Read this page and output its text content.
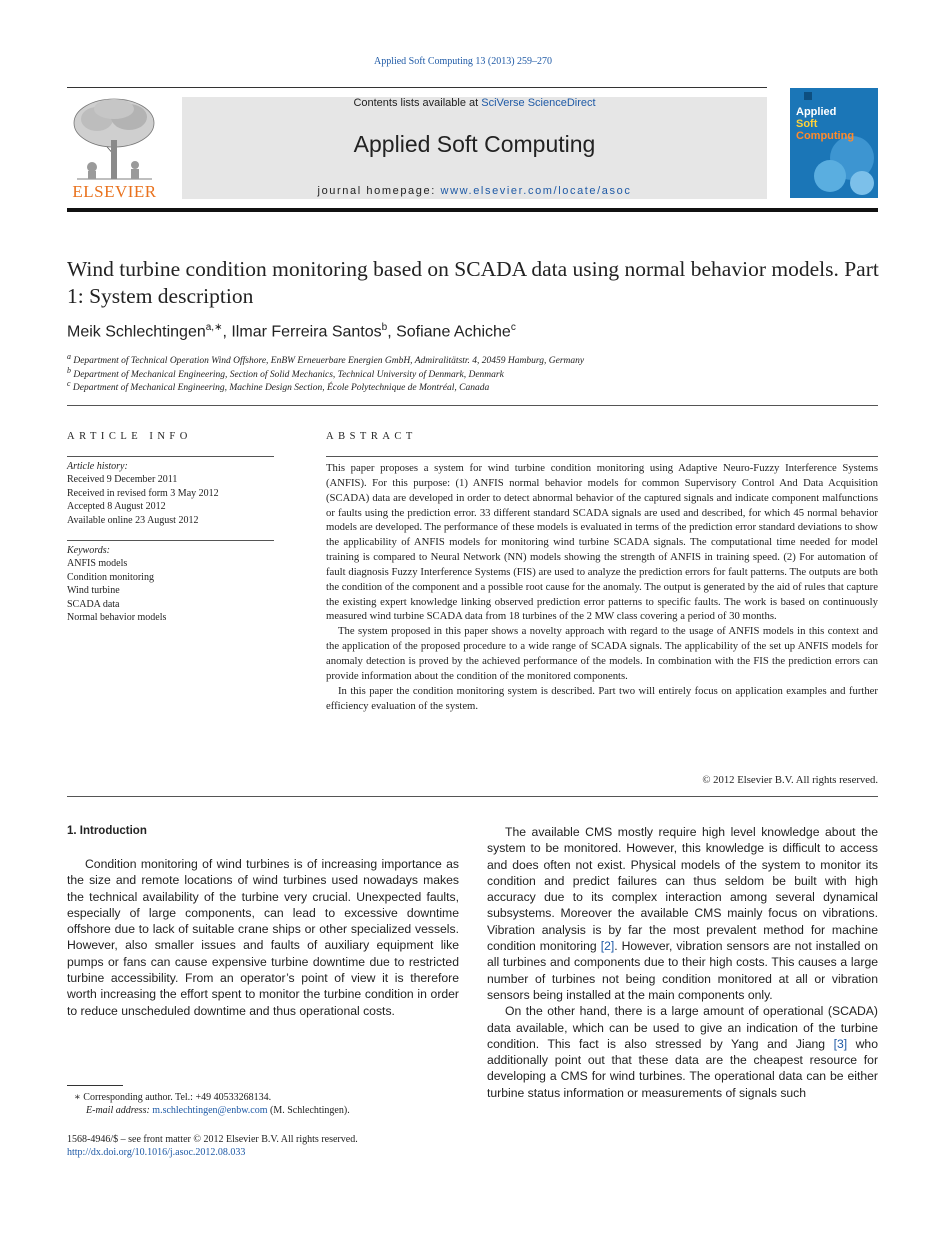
Applied Soft Computing 13 (2013) 259–270
ELSEVIER
Contents lists available at SciVerse ScienceDirect
Applied Soft Computing
journal homepage: www.elsevier.com/locate/asoc
Applied
Soft
Computing
Wind turbine condition monitoring based on SCADA data using normal behavior models. Part 1: System description
Meik Schlechtingen$^{a,∗}$, Ilmar Ferreira Santos$^b$, Sofiane Achiche$^c$
$^a$ Department of Technical Operation Wind Offshore, EnBW Erneuerbare Energien GmbH, Admiralitätstr. 4, 20459 Hamburg, Germany
$^b$ Department of Mechanical Engineering, Section of Solid Mechanics, Technical University of Denmark, Denmark
$^c$ Department of Mechanical Engineering, Machine Design Section, École Polytechnique de Montréal, Canada
ARTICLE INFO
Article history:
Received 9 December 2011
Received in revised form 3 May 2012
Accepted 8 August 2012
Available online 23 August 2012
Keywords:
ANFIS models
Condition monitoring
Wind turbine
SCADA data
Normal behavior models
ABSTRACT

This paper proposes a system for wind turbine condition monitoring using Adaptive Neuro-Fuzzy Interference Systems (ANFIS). For this purpose: (1) ANFIS normal behavior models for common Supervisory Control And Data Acquisition (SCADA) data are developed in order to detect abnormal behavior of the captured signals and indicate component malfunctions or faults using the prediction error. 33 different standard SCADA signals are used and described, for which 45 normal behavior models are developed. The performance of these models is evaluated in terms of the prediction error standard deviations to show the applicability of ANFIS models for monitoring wind turbine SCADA signals. The computational time needed for model training is compared to Neural Network (NN) models showing the strength of ANFIS in training speed. (2) For automation of fault diagnosis Fuzzy Interference Systems (FIS) are used to analyze the prediction errors for fault patterns. The outputs are both the condition of the component and a possible root cause for the anomaly. The output is generated by the aid of rules that capture the existing expert knowledge linking observed prediction error patterns to specific faults. The work is based on continuously measured wind turbine SCADA data from 18 turbines of the 2 MW class covering a period of 30 months.

The system proposed in this paper shows a novelty approach with regard to the usage of ANFIS models in this context and the application of the proposed procedure to a wide range of SCADA signals. The applicability of the set up ANFIS models for anomaly detection is proved by the achieved performance of the models. In combination with the FIS the prediction errors can provide information about the condition of the monitored components.

In this paper the condition monitoring system is described. Part two will entirely focus on application examples and further efficiency evaluation of the system.

© 2012 Elsevier B.V. All rights reserved.
1. Introduction

Condition monitoring of wind turbines is of increasing importance as the size and remote locations of wind turbines used nowadays makes the technical availability of the turbine very crucial. Unexpected faults, especially of large components, can lead to excessive downtime offshore due to lack of suitable crane ships or other specialized vessels. However, also smaller issues and faults of auxiliary equipment like pumps or fans can cause expensive turbine downtime due to restricted turbine accessibility. From an operator’s point of view it is therefore worth increasing the effort spent to monitor the turbine condition in order to reduce unscheduled downtime and thus operational costs.

The available CMS mostly require high level knowledge about the system to be monitored. However, this knowledge is difficult to access and does often not exist. Physical models of the system to monitor its condition and predict failures can thus seldom be built with high accuracy due to its complex interaction among several dynamical subsystems. Moreover the available CMS mainly focus on vibrations. Vibration analysis is by far the most prevalent method for machine condition monitoring [2]. However, vibration sensors are not installed on all turbines and components due to their high costs. This causes a large number of turbines not being condition monitored at all or vibration sensors being installed at the main components only.

On the other hand, there is a large amount of operational (SCADA) data available, which can be used to give an indication of the turbine condition. This fact is also stressed by Yang and Jiang [3] who additionally point out that these data are the cheapest resource for developing a CMS for wind turbines. The operational data can be either turbine status information or measurements of signals such

∗ Corresponding author. Tel.: +49 40533268134.
E-mail address: m.schlechtingen@enbw.com (M. Schlechtingen).
1568-4946/$ – see front matter © 2012 Elsevier B.V. All rights reserved.
http://dx.doi.org/10.1016/j.asoc.2012.08.033
